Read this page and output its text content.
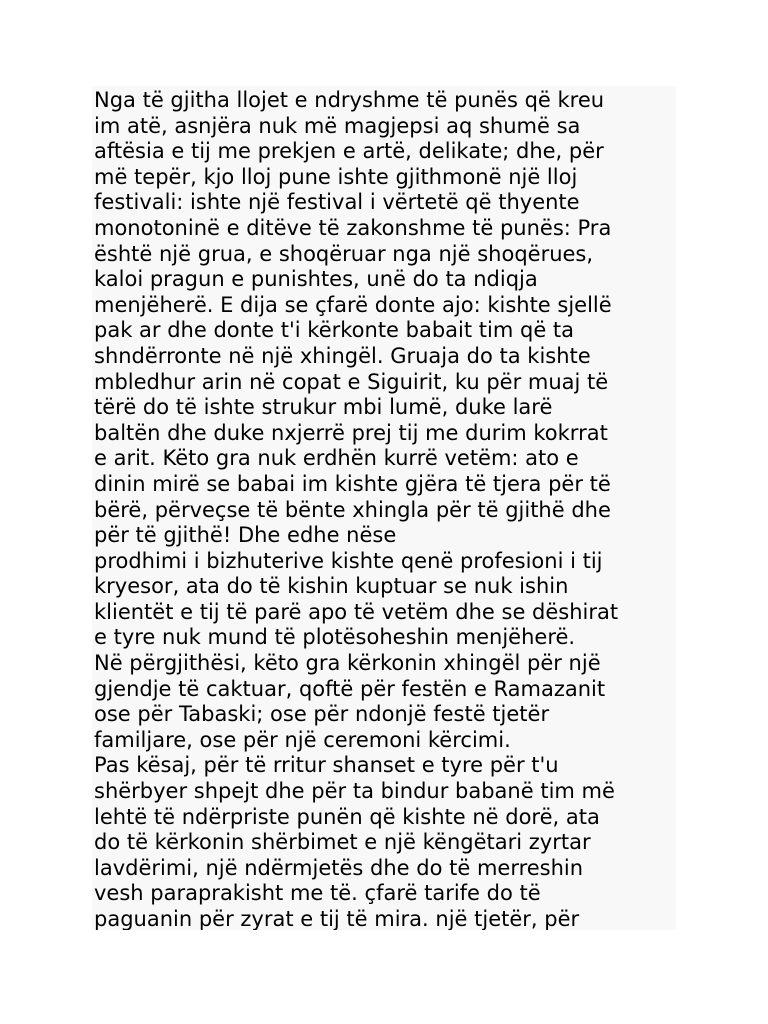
Nga të gjitha llojet e ndryshme të punës që kreu
im atë, asnjëra nuk më magjepsi aq shumë sa
aftësia e tij me prekjen e artë, delikate; dhe, për
më tepër, kjo lloj pune ishte gjithmonë një lloj
festivali: ishte një festival i vërtetë që thyente
monotoninë e ditëve të zakonshme të punës: Pra
është një grua, e shoqëruar nga një shoqërues,
kaloi pragun e punishtes, unë do ta ndiqja
menjëherë. E dija se çfarë donte ajo: kishte sjellë
pak ar dhe donte t'i kërkonte babait tim që ta
shndërronte në një xhingël. Gruaja do ta kishte
mbledhur arin në copat e Siguirit, ku për muaj të
tërë do të ishte strukur mbi lumë, duke larë
baltën dhe duke nxjerrë prej tij me durim kokrrat
e arit. Këto gra nuk erdhën kurrë vetëm: ato e
dinin mirë se babai im kishte gjëra të tjera për të
bërë, përveçse të bënte xhingla për të gjithë dhe
për të gjithë! Dhe edhe nëse
prodhimi i bizhuterive kishte qenë profesioni i tij
kryesor, ata do të kishin kuptuar se nuk ishin
klientët e tij të parë apo të vetëm dhe se dëshirat
e tyre nuk mund të plotësoheshin menjëherë.
Në përgjithësi, këto gra kërkonin xhingël për një
gjendje të caktuar, qoftë për festën e Ramazanit
ose për Tabaski; ose për ndonjë festë tjetër
familjare, ose për një ceremoni kërcimi.
Pas kësaj, për të rritur shanset e tyre për t'u
shërbyer shpejt dhe për ta bindur babanë tim më
lehtë të ndërpriste punën që kishte në dorë, ata
do të kërkonin shërbimet e një këngëtari zyrtar
lavdërimi, një ndërmjetës dhe do të merreshin
vesh paraprakisht me të. çfarë tarife do të
paguanin për zyrat e tij të mira. një tjetër, për
